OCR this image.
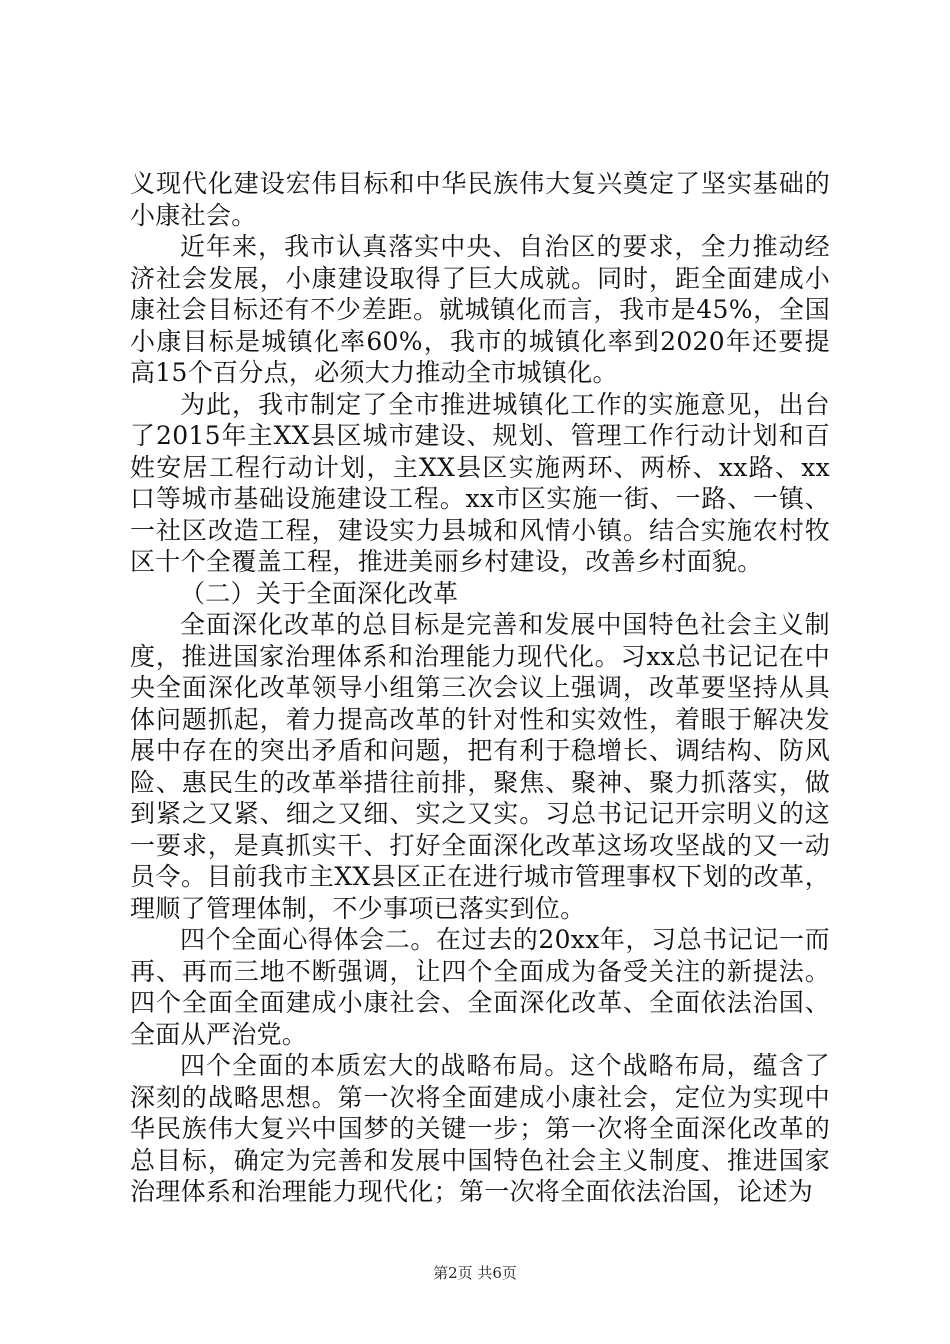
义现代化建设宏伟目标和中华民族伟大复兴奠定了坚实基础的小康社会。

近年来，我市认真落实中央、自治区的要求，全力推动经济社会发展，小康建设取得了巨大成就。同时，距全面建成小康社会目标还有不少差距。就城镇化而言，我市是45%，全国小康目标是城镇化率60%，我市的城镇化率到2020年还要提高15个百分点，必须大力推动全市城镇化。

为此，我市制定了全市推进城镇化工作的实施意见，出台了2015年主XX县区城市建设、规划、管理工作行动计划和百姓安居工程行动计划，主XX县区实施两环、两桥、xx路、xx口等城市基础设施建设工程。xx市区实施一街、一路、一镇、一社区改造工程，建设实力县城和风情小镇。结合实施农村牧区十个全覆盖工程，推进美丽乡村建设，改善乡村面貌。

（二）关于全面深化改革

全面深化改革的总目标是完善和发展中国特色社会主义制度，推进国家治理体系和治理能力现代化。习xx总书记记在中央全面深化改革领导小组第三次会议上强调，改革要坚持从具体问题抓起，着力提高改革的针对性和实效性，着眼于解决发展中存在的突出矛盾和问题，把有利于稳增长、调结构、防风险、惠民生的改革举措往前排，聚焦、聚神、聚力抓落实，做到紧之又紧、细之又细、实之又实。习总书记记开宗明义的这一要求，是真抓实干、打好全面深化改革这场攻坚战的又一动员令。目前我市主XX县区正在进行城市管理事权下划的改革，理顺了管理体制，不少事项已落实到位。

四个全面心得体会二。在过去的20xx年，习总书记记一而再、再而三地不断强调，让四个全面成为备受关注的新提法。四个全面全面建成小康社会、全面深化改革、全面依法治国、全面从严治党。

四个全面的本质宏大的战略布局。这个战略布局，蕴含了深刻的战略思想。第一次将全面建成小康社会，定位为实现中华民族伟大复兴中国梦的关键一步；第一次将全面深化改革的总目标，确定为完善和发展中国特色社会主义制度、推进国家治理体系和治理能力现代化；第一次将全面依法治国，论述为

第2页 共6页
